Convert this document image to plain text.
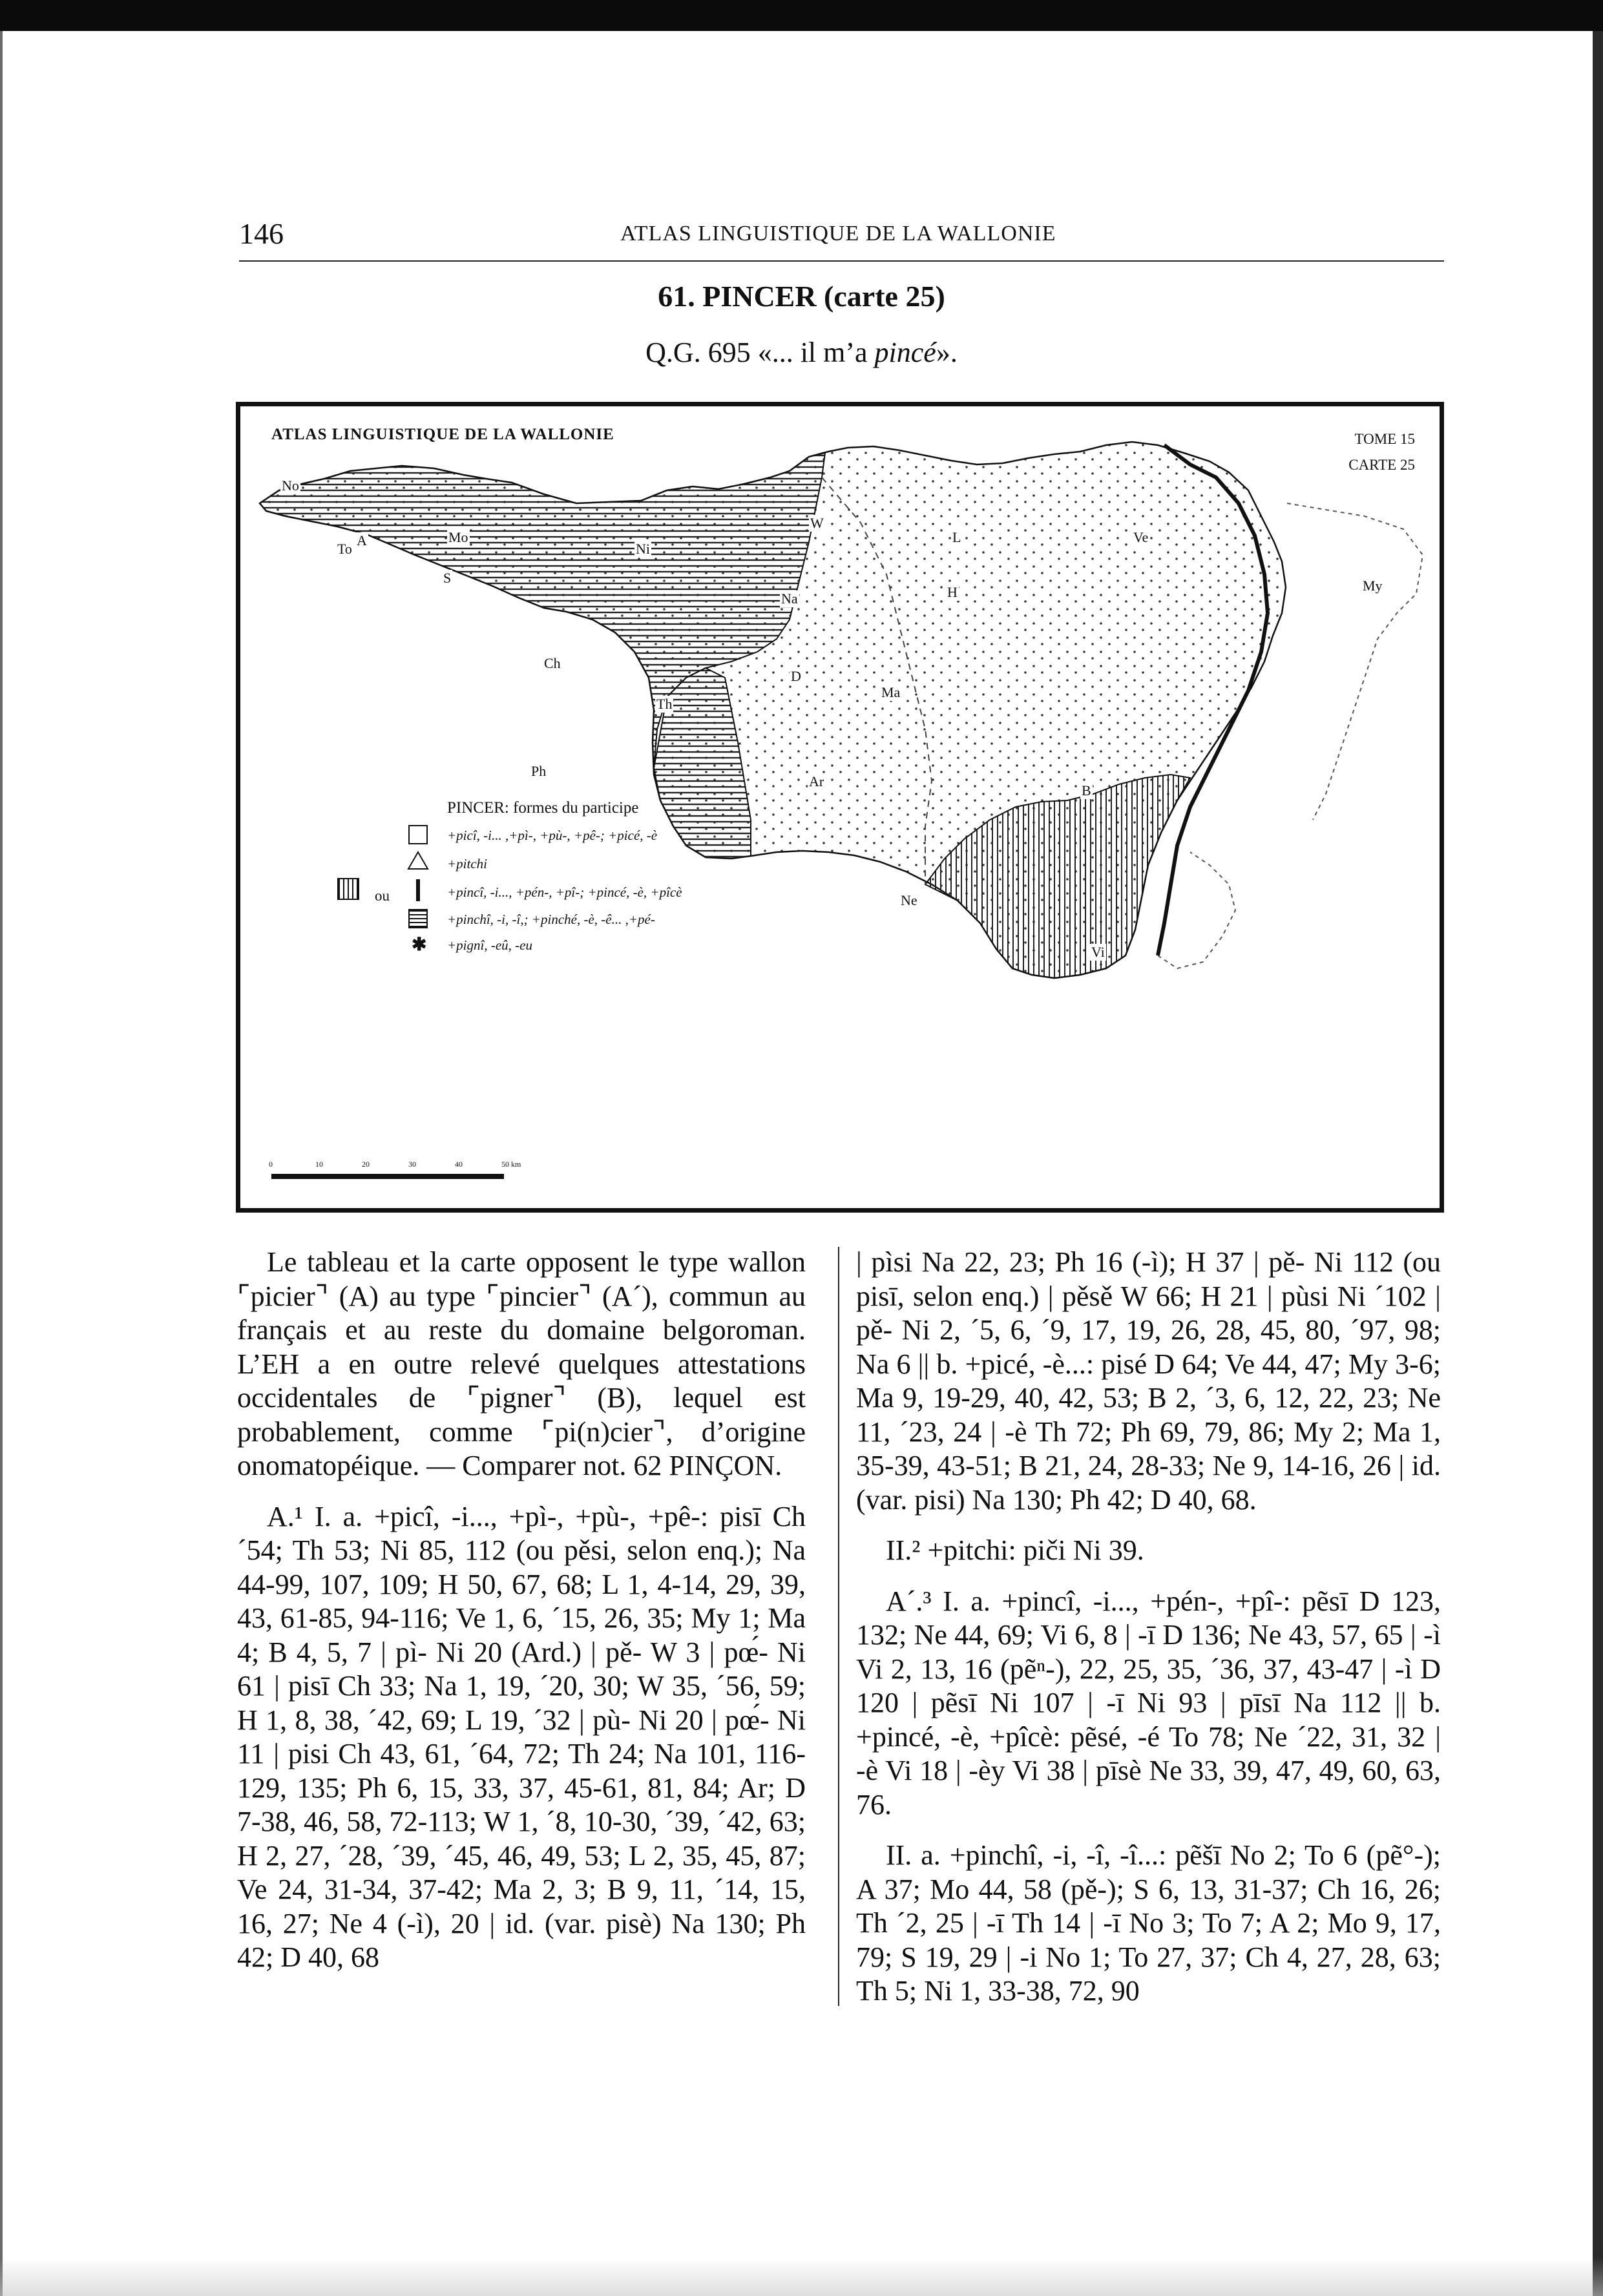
146	ATLAS LINGUISTIQUE DE LA WALLONIE
61. PINCER (carte 25)
Q.G. 695 «... il m’a pincé».
ATLAS LINGUISTIQUE DE LA WALLONIE	TOME 15
CARTE 25
PINCER: formes du participe
+picî, -i... ,+pì-, +pù-, +pê-; +picé, -è
+pitchi
ou	+pincî, -i..., +pén-, +pî-; +pincé, -è, +pîcè
+pinchî, -i, -î,; +pinché, -è, -ê... ,+pé-
✱ +pignî, -eû, -eu
No
To
A	Mo
S
Ni
Ch
Th
Ph
W
Na
L
H
Ve
My
D
Ma
Ar
B
Ne
Vi
0	10	20	30	40	50 km

Le tableau et la carte opposent le type wallon ⌜picier⌝ (A) au type ⌜pincier⌝ (A´), commun au français et au reste du domaine belgoroman. L’EH a en outre relevé quelques attestations occidentales de ⌜pigner⌝ (B), lequel est probablement, comme ⌜pi(n)cier⌝, d’origine onomatopéique. — Comparer not. 62 PINÇON.

A.¹ I. a. +picî, -i..., +pì-, +pù-, +pê-: pisī Ch ´54; Th 53; Ni 85, 112 (ou pěsi, selon enq.); Na 44-99, 107, 109; H 50, 67, 68; L 1, 4-14, 29, 39, 43, 61-85, 94-116; Ve 1, 6, ´15, 26, 35; My 1; Ma 4; B 4, 5, 7 | pì- Ni 20 (Ard.) | pě- W 3 | pœ́- Ni 61 | pisī Ch 33; Na 1, 19, ´20, 30; W 35, ´56, 59; H 1, 8, 38, ´42, 69; L 19, ´32 | pù- Ni 20 | pœ́- Ni 11 | pisi Ch 43, 61, ´64, 72; Th 24; Na 101, 116-129, 135; Ph 6, 15, 33, 37, 45-61, 81, 84; Ar; D 7-38, 46, 58, 72-113; W 1, ´8, 10-30, ´39, ´42, 63; H 2, 27, ´28, ´39, ´45, 46, 49, 53; L 2, 35, 45, 87; Ve 24, 31-34, 37-42; Ma 2, 3; B 9, 11, ´14, 15, 16, 27; Ne 4 (-ì), 20 | id. (var. pisè) Na 130; Ph 42; D 40, 68

| pìsi Na 22, 23; Ph 16 (-ì); H 37 | pě- Ni 112 (ou pisī, selon enq.) | pěsě W 66; H 21 | pùsi Ni ´102 | pě- Ni 2, ´5, 6, ´9, 17, 19, 26, 28, 45, 80, ´97, 98; Na 6 || b. +picé, -è...: pisé D 64; Ve 44, 47; My 3-6; Ma 9, 19-29, 40, 42, 53; B 2, ´3, 6, 12, 22, 23; Ne 11, ´23, 24 | -è Th 72; Ph 69, 79, 86; My 2; Ma 1, 35-39, 43-51; B 21, 24, 28-33; Ne 9, 14-16, 26 | id. (var. pisi) Na 130; Ph 42; D 40, 68.

II.² +pitchi: piči Ni 39.

A´.³ I. a. +pincî, -i..., +pén-, +pî-: pẽsī D 123, 132; Ne 44, 69; Vi 6, 8 | -ī D 136; Ne 43, 57, 65 | -ì Vi 2, 13, 16 (pẽⁿ-), 22, 25, 35, ´36, 37, 43-47 | -ì D 120 | pẽsī Ni 107 | -ī Ni 93 | pīsī Na 112 || b. +pincé, -è, +pîcè: pẽsé, -é To 78; Ne ´22, 31, 32 | -è Vi 18 | -èy Vi 38 | pīsè Ne 33, 39, 47, 49, 60, 63, 76.

II. a. +pinchî, -i, -î, -î...: pẽšī No 2; To 6 (pẽ°-); A 37; Mo 44, 58 (pě-); S 6, 13, 31-37; Ch 16, 26; Th ´2, 25 | -ī Th 14 | -ī No 3; To 7; A 2; Mo 9, 17, 79; S 19, 29 | -i No 1; To 27, 37; Ch 4, 27, 28, 63; Th 5; Ni 1, 33-38, 72, 90
